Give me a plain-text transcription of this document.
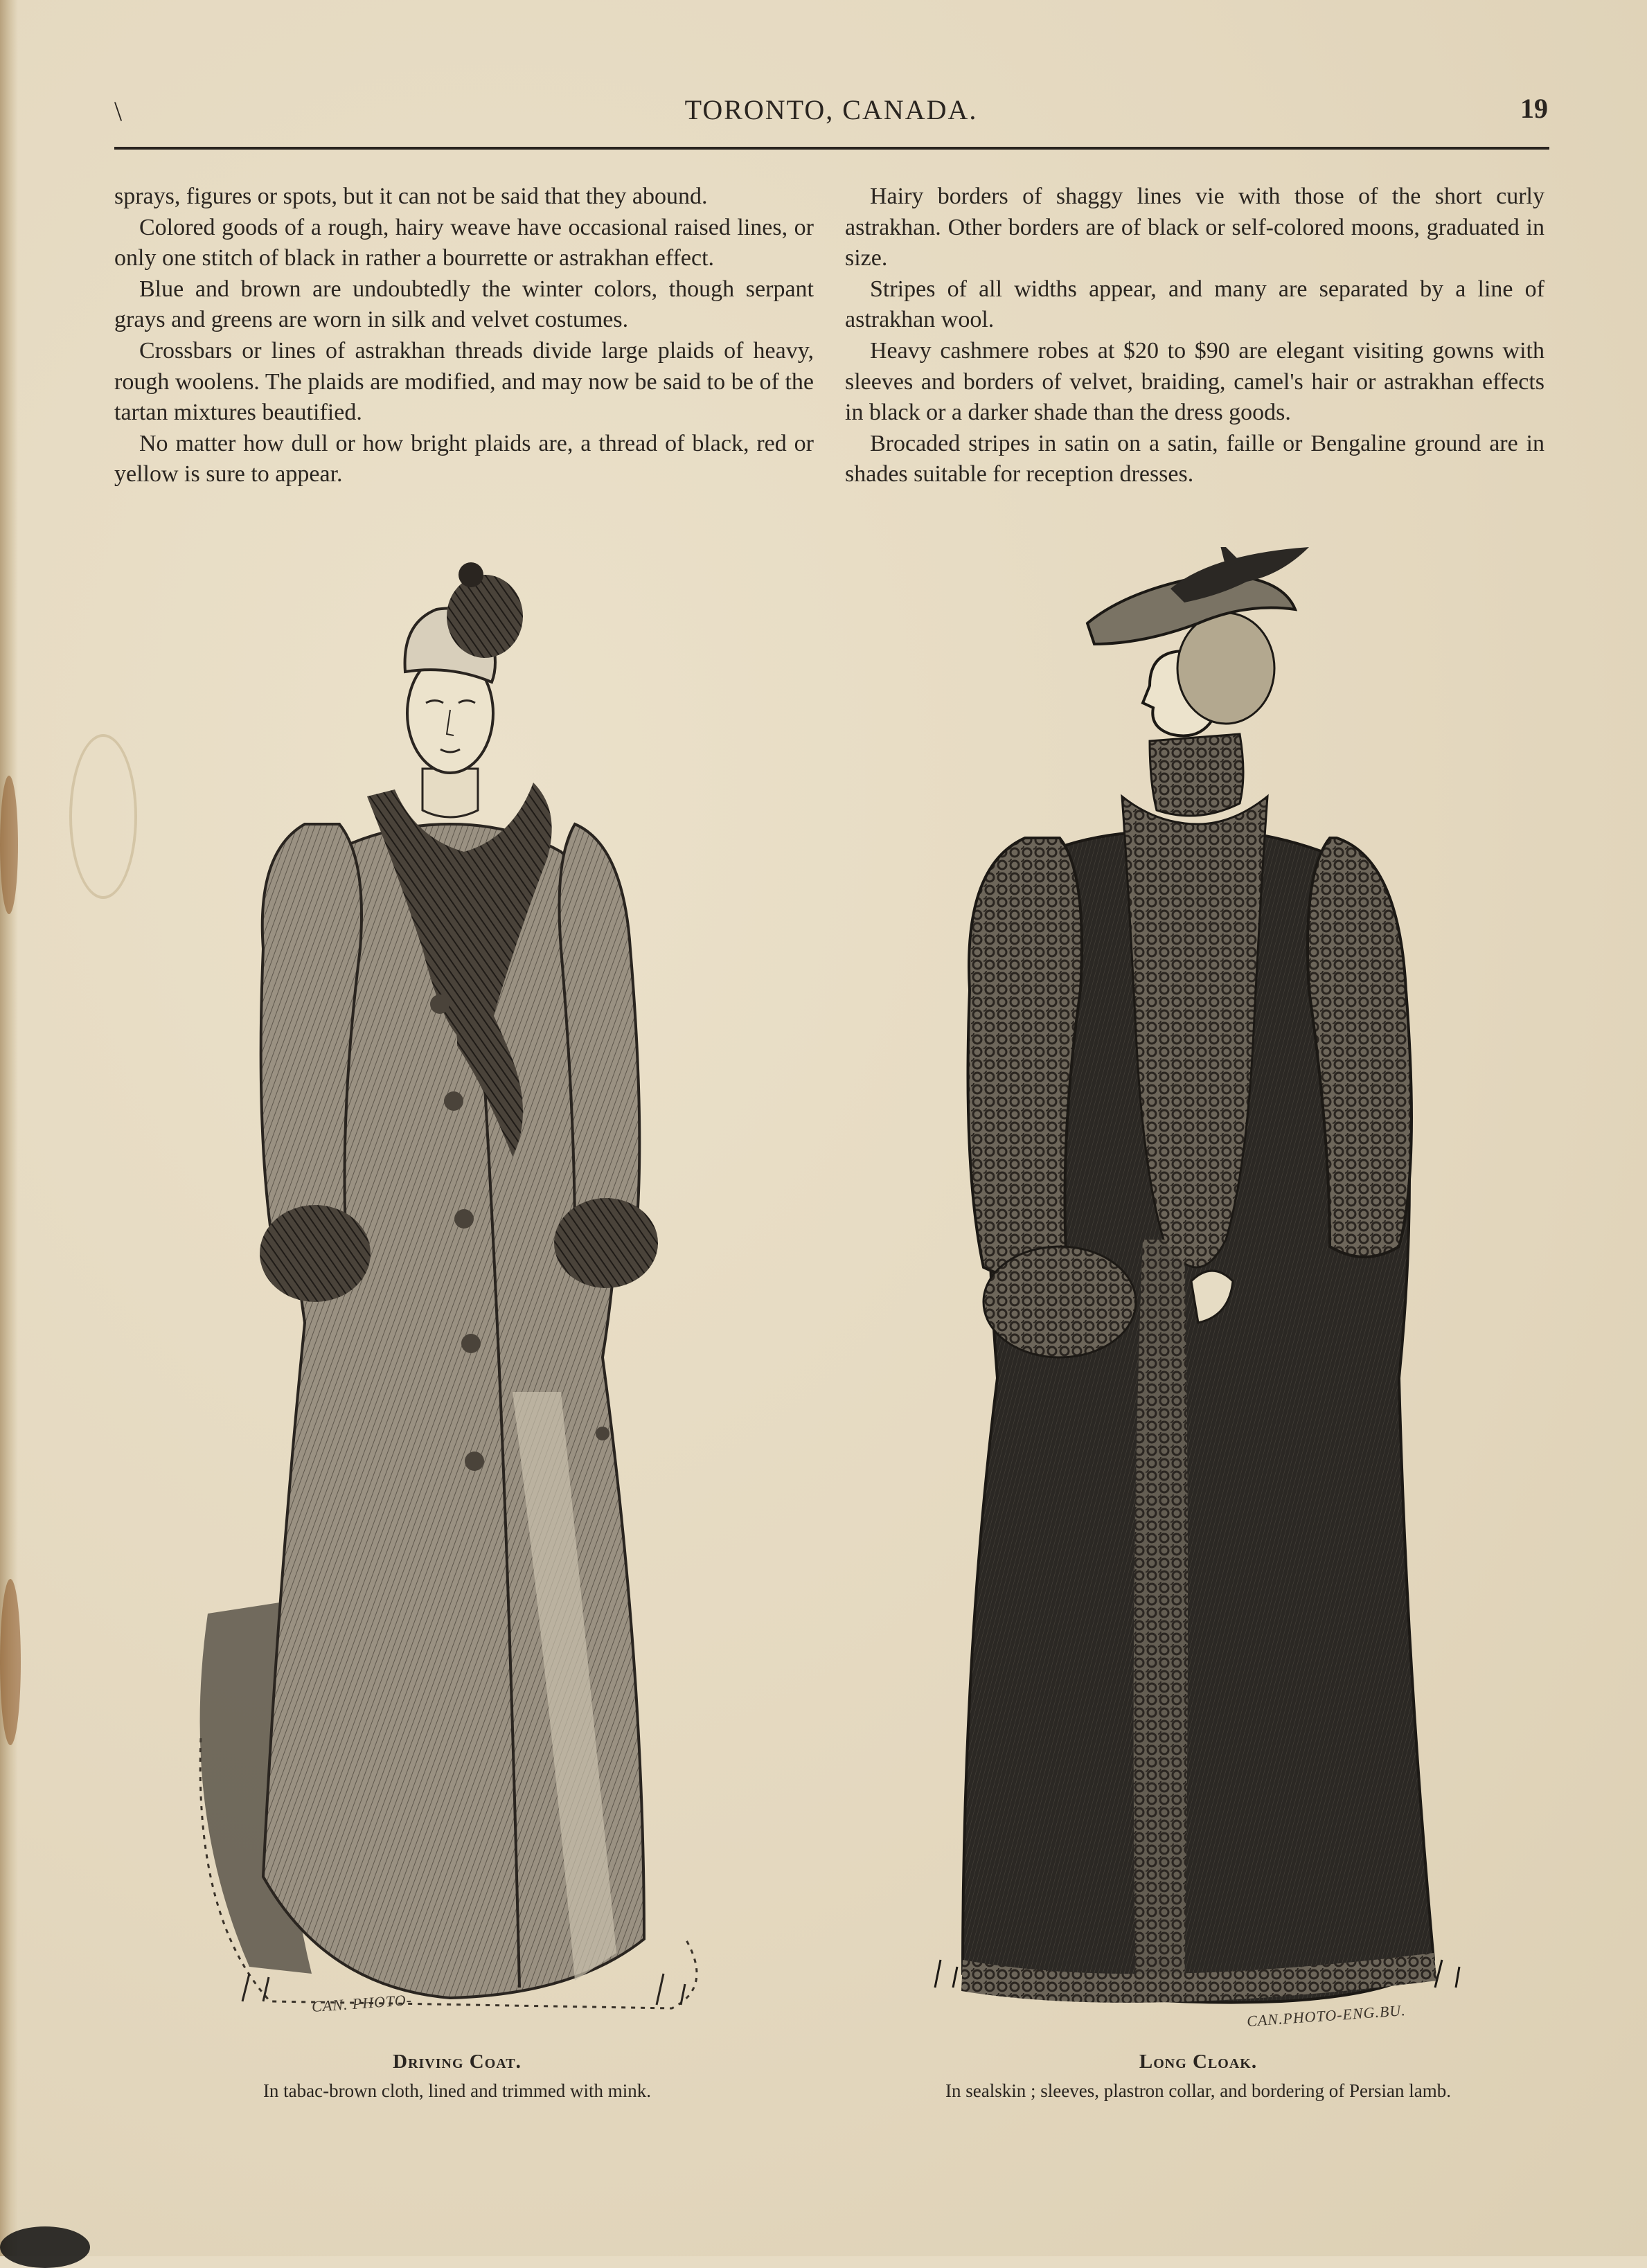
\	TORONTO, CANADA.	19

sprays, figures or spots, but it can not be said that they abound.

Colored goods of a rough, hairy weave have occasional raised lines, or only one stitch of black in rather a bourrette or astrakhan effect.

Blue and brown are undoubtedly the winter colors, though serpant grays and greens are worn in silk and velvet costumes.

Crossbars or lines of astrakhan threads divide large plaids of heavy, rough woolens. The plaids are modified, and may now be said to be of the tartan mixtures beautified.

No matter how dull or how bright plaids are, a thread of black, red or yellow is sure to appear.

Hairy borders of shaggy lines vie with those of the short curly astrakhan. Other borders are of black or self-colored moons, graduated in size.

Stripes of all widths appear, and many are separated by a line of astrakhan wool.

Heavy cashmere robes at $20 to $90 are elegant visiting gowns with sleeves and borders of velvet, braiding, camel's hair or astrakhan effects in black or a darker shade than the dress goods.

Brocaded stripes in satin on a satin, faille or Bengaline ground are in shades suitable for reception dresses.

CAN. PHOTO-	CAN.PHOTO-ENG.BU.
Driving Coat.
In tabac-brown cloth, lined and trimmed with mink.
Long Cloak.
In sealskin ; sleeves, plastron collar, and bordering of Persian lamb.
